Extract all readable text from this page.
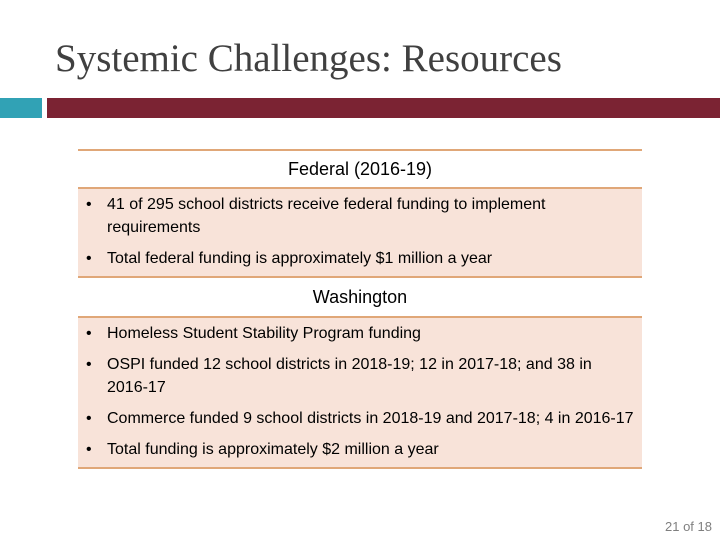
Systemic Challenges: Resources
Federal (2016-19)

• 41 of 295 school districts receive federal funding to implement requirements
• Total federal funding is approximately $1 million a year

Washington

• Homeless Student Stability Program funding
• OSPI funded 12 school districts in 2018-19; 12 in 2017-18; and 38 in 2016-17
• Commerce funded 9 school districts in 2018-19 and 2017-18; 4 in 2016-17
• Total funding is approximately $2 million a year
21 of 18
